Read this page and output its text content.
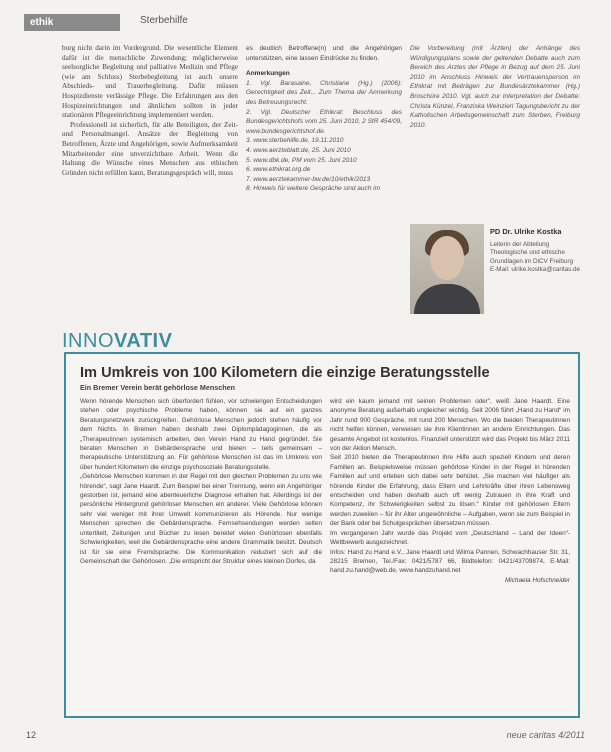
ethik	Sterbehilfe

burg nicht darin im Vordergrund. Die wesentliche Element dafür ist die menschliche Zuwendung; möglicherweise seelsorgliche Begleitung und palliative Medizin und Pflege (wie am Schluss) Sterbebegleitung ist auch unsere Abschieds- und Trauerbegleitung. Dafür müssen Hospizdienste verlässige Pflege. Die Erfahrungen aus den Hospizeinrichtungen und ähnlichen sollten in jeder stationären Pflegeeinrichtung implementiert werden.

Professionell ist sicherlich, für alle Beteiligten, der Zeit- und Personalmangel. Ansätze der Begleitung von Betroffenen, Ärzte und Angehörigen, sowie Aufmerksamkeit Mitarbeitender eine unverzichtbare Arbeit. Wenn die Haltung die Wünsche eines Menschen aus ethischen Gründen nicht erfüllen kann, Beratungsgespräch will, muss

es deutlich Betroffene(n) und die Angehörigen unterstützen, eine lassen Eindrücke zu finden.

Anmerkungen

1. Vgl. Barasaine, Christiane (Hg.) (2006): Gerechtigkeit des Zeit... Zum Thema der Anmerkung des Betreuungsrecht.

2. Vgl. Deutscher Ethikrat: Beschluss des Bundesgerichtshofs vom 25. Juni 2010, 2 StR 454/09, www.bundesgerichtshof.de.

3. www.sterbehilfe.de, 19.11.2010

4. www.aerzteblatt.de, 25. Juni 2010

5. www.dbk.de, PM vom 25. Juni 2010

6. www.ethikrat.org.de

7. www.aerztekammer-bw.de/10/ethik/2013

8. Hinweis für weitere Gespräche sind auch im

Die Vorbereitung (mit Ärzten) der Anhänge des Würdigungsplans sowie der geltenden Debatte auch zum Bereich des Arztes der Pflege in Bezug auf dem 25. Juni 2010 im Anschluss Hinweis der Vertrauensperson im Ethikrat mit Beiträgen zur Bundesärztekammer (Hg.) Broschüre 2010. Vgl. auch zur Interpretation der Debatte: Christa Künzel, Franziska Weinzierl Tagungsbericht zu der Katholischen Arbeitsgemeinschaft zum Sterben, Freiburg 2010.

PD Dr. Ulrike Kostka
Leiterin der Abteilung Theologische und ethische Grundlagen im DiCV Freiburg
E-Mail: ulrike.kostka@caritas.de
INNOVATIV
Im Umkreis von 100 Kilometern die einzige Beratungsstelle
Ein Bremer Verein berät gehörlose Menschen

Wenn hörende Menschen sich überfordert fühlen, vor schwierigen Entscheidungen stehen oder psychische Probleme haben, können sie auf ein ganzes Beratungsnetzwerk zurückgreifen. Gehörlose Menschen jedoch stehen häufig vor dem Nichts. In Bremen haben deshalb zwei Diplompädagoginnen, die als „Therapeutinnen systemisch arbeiten, den Verein Hand zu Hand gegründet. Sie beraten Menschen in Gebärdensprache und bieten – teils gemeinsam – therapeutische Unterstützung an. Für gehörlose Menschen ist das im Umkreis von über hundert Kilometern die einzige psychosoziale Beratungsstelle.

„Gehörlose Menschen kommen in der Regel mit den gleichen Problemen zu uns wie hörende“, sagt Jane Haardt. Zum Beispiel bei einer Trennung, wenn ein Angehöriger gestorben ist, jemand eine abenteuerliche Diagnose erhalten hat. Allerdings ist der persönliche Hintergrund gehörloser Menschen ein anderer. Viele Gehörlose können sehr viel weniger mit ihrer Umwelt kommunizieren als Hörende. Nur wenige Menschen sprechen die Gebärdensprache. Fernsehsendungen werden selten untertitelt, Zeitungen und Bücher zu lesen bereitet vielen Gehörlosen ebenfalls Schwierigkeiten, weil die Gebärdensprache eine andere Grammatik besitzt. Deutsch ist für sie eine Fremdsprache. Die Kommunikation reduziert sich auf die Gemeinschaft der Gehörlosen. „Die entspricht der Struktur eines kleinen Dorfes, da

wird ein kaum jemand mit seinen Problemen oder“, weiß Jane Haardt. Eine anonyme Beratung außerhalb ungleicher wichtig. Seit 2006 führt „Hand zu Hand“ im Jahr rund 900 Gespräche, mit rund 200 Menschen. Wo die beiden Therapeutinnen nicht helfen können, verweisen sie ihre Klientinnen an andere Einrichtungen. Das gesamte Angebot ist kostenlos. Finanziell unterstützt wird das Projekt bis März 2011 von der Aktion Mensch.

Seit 2010 bieten die Therapeutinnen ihre Hilfe auch speziell Kindern und deren Familien an. Beispielsweise müssen gehörlose Kinder in der Regel in hörenden Familien auf und erleben sich dabei sehr behütet. „Sie machen viel häufiger als hörende Kinder die Erfahrung, dass Eltern und Lehrkräfte über ihren Lebensweg entscheiden und haben deshalb auch oft wenig Zutrauen in ihre Kraft und Kompetenz, ihr Schwierigkeiten selbst zu lösen.“ Kinder mit gehörlosen Eltern werden zuweilen – für ihr Alter ungewöhnliche – Aufgaben, wenn sie zum Beispiel in der Bank oder bei Schulgesprächen übersetzen müssen.

Im vergangenen Jahr wurde das Projekt vom „Deutschland – Land der Ideen“-Wettbewerb ausgezeichnet.

Infos: Hand zu Hand e.V., Jane Haardt und Wilma Pannen, Schwachhauser Str. 31, 28215 Bremen, Tel./Fax: 0421/5787 66, Bildtelefon: 0421/43709874, E-Mail: hand.zu.hand@web.de, www.handzuhand.net

Michaela Hofschneider

12	neue caritas 4/2011
